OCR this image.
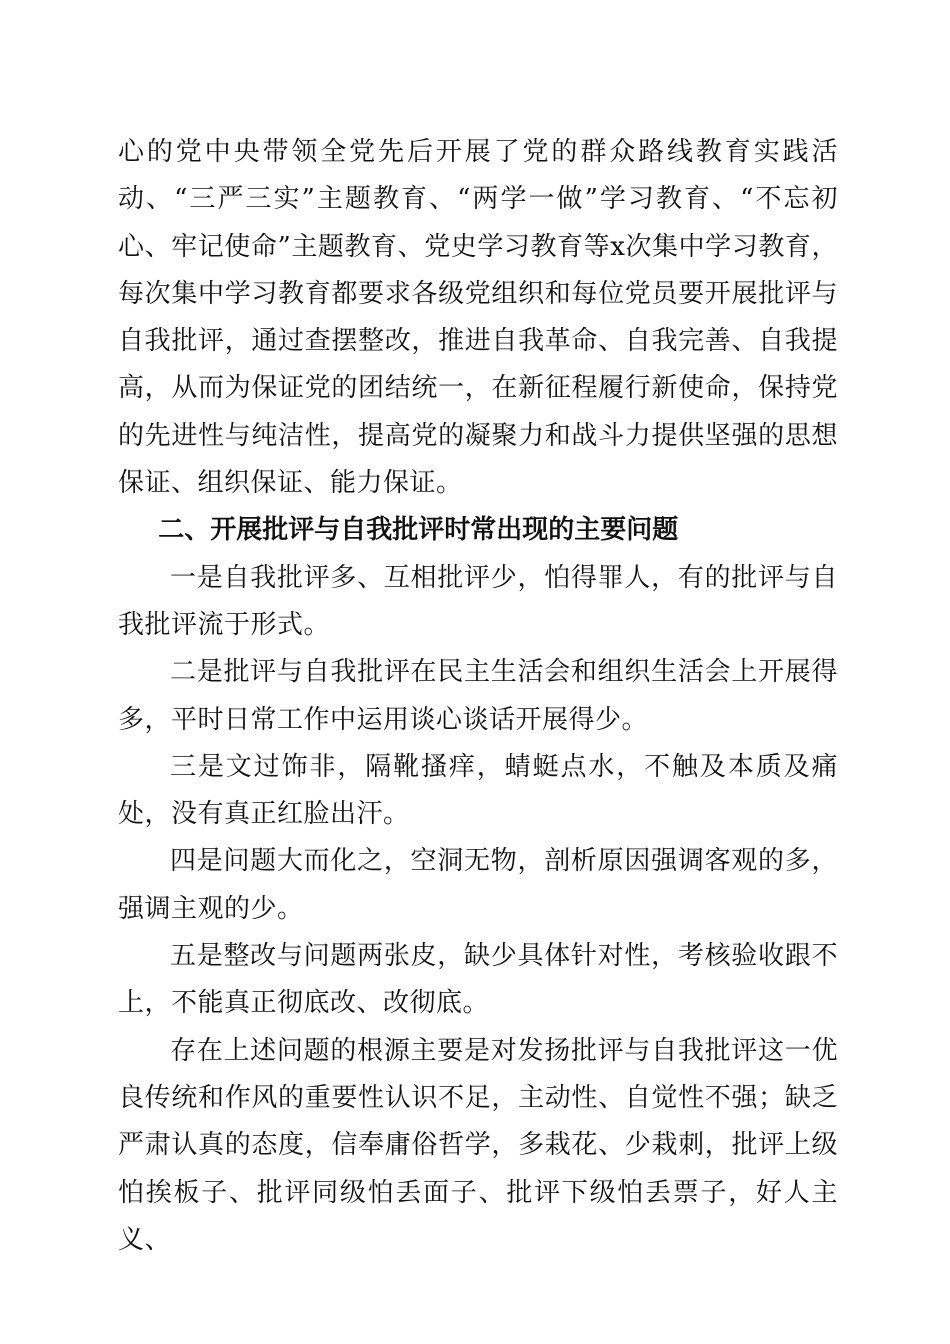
心的党中央带领全党先后开展了党的群众路线教育实践活动、“三严三实”主题教育、“两学一做”学习教育、“不忘初心、牢记使命”主题教育、党史学习教育等x次集中学习教育，每次集中学习教育都要求各级党组织和每位党员要开展批评与自我批评，通过查摆整改，推进自我革命、自我完善、自我提高，从而为保证党的团结统一，在新征程履行新使命，保持党的先进性与纯洁性，提高党的凝聚力和战斗力提供坚强的思想保证、组织保证、能力保证。

二、开展批评与自我批评时常出现的主要问题

一是自我批评多、互相批评少，怕得罪人，有的批评与自我批评流于形式。

二是批评与自我批评在民主生活会和组织生活会上开展得多，平时日常工作中运用谈心谈话开展得少。

三是文过饰非，隔靴搔痒，蜻蜓点水，不触及本质及痛处，没有真正红脸出汗。

四是问题大而化之，空洞无物，剖析原因强调客观的多，强调主观的少。

五是整改与问题两张皮，缺少具体针对性，考核验收跟不上，不能真正彻底改、改彻底。

存在上述问题的根源主要是对发扬批评与自我批评这一优良传统和作风的重要性认识不足，主动性、自觉性不强；缺乏严肃认真的态度，信奉庸俗哲学，多栽花、少栽刺，批评上级怕挨板子、批评同级怕丢面子、批评下级怕丢票子，好人主义、
